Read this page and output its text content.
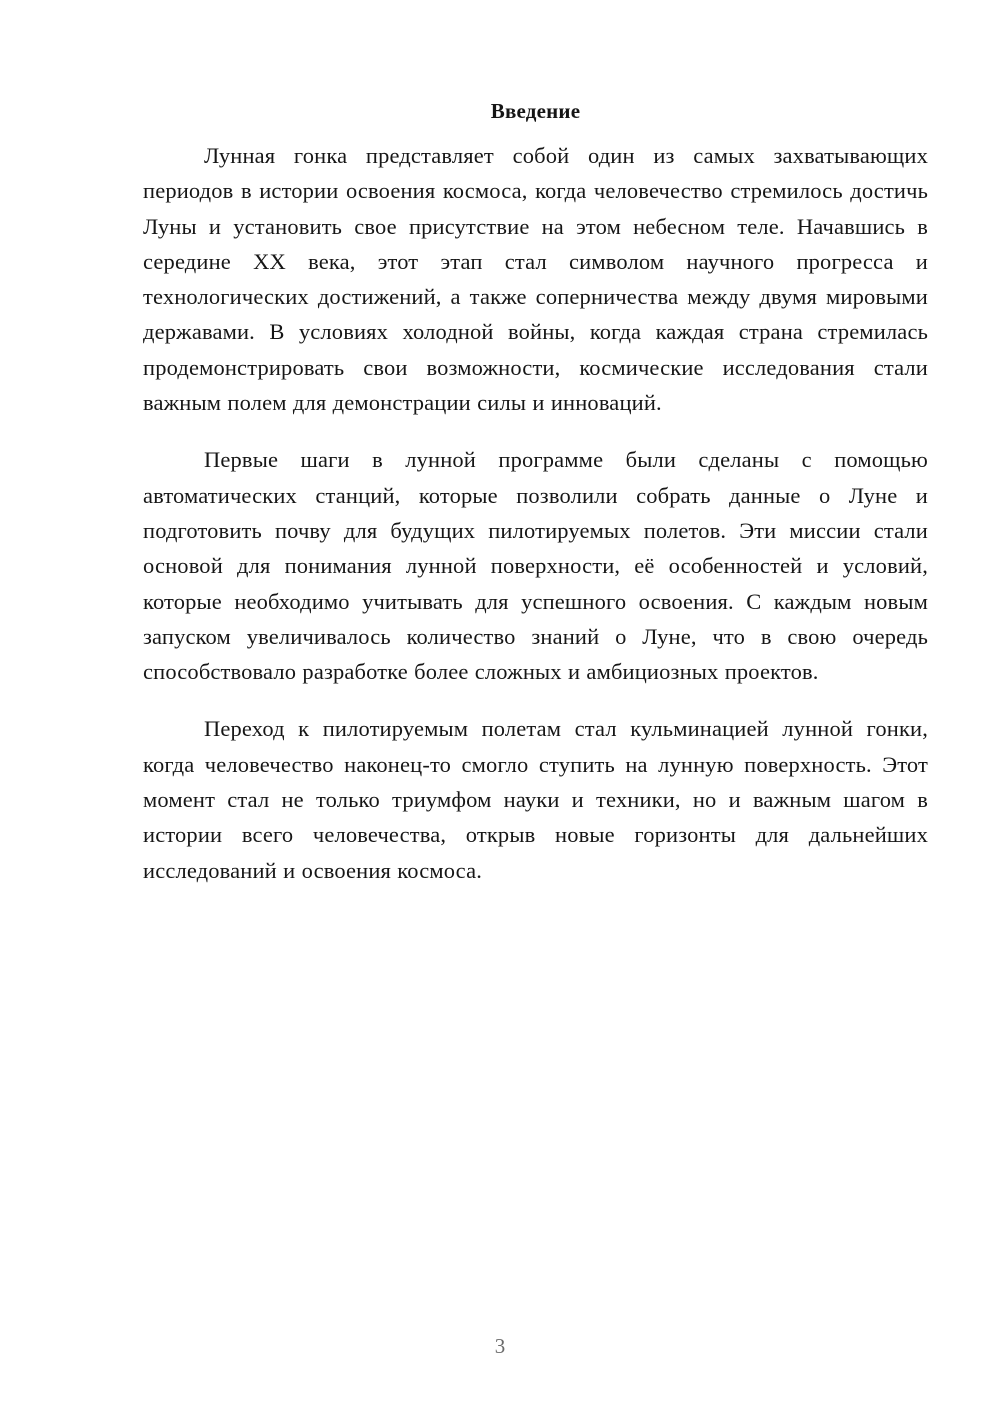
Введение

Лунная гонка представляет собой один из самых захватывающих периодов в истории освоения космоса, когда человечество стремилось достичь Луны и установить свое присутствие на этом небесном теле. Начавшись в середине XX века, этот этап стал символом научного прогресса и технологических достижений, а также соперничества между двумя мировыми державами. В условиях холодной войны, когда каждая страна стремилась продемонстрировать свои возможности, космические исследования стали важным полем для демонстрации силы и инноваций.

Первые шаги в лунной программе были сделаны с помощью автоматических станций, которые позволили собрать данные о Луне и подготовить почву для будущих пилотируемых полетов. Эти миссии стали основой для понимания лунной поверхности, её особенностей и условий, которые необходимо учитывать для успешного освоения. С каждым новым запуском увеличивалось количество знаний о Луне, что в свою очередь способствовало разработке более сложных и амбициозных проектов.

Переход к пилотируемым полетам стал кульминацией лунной гонки, когда человечество наконец-то смогло ступить на лунную поверхность. Этот момент стал не только триумфом науки и техники, но и важным шагом в истории всего человечества, открыв новые горизонты для дальнейших исследований и освоения космоса.

3
